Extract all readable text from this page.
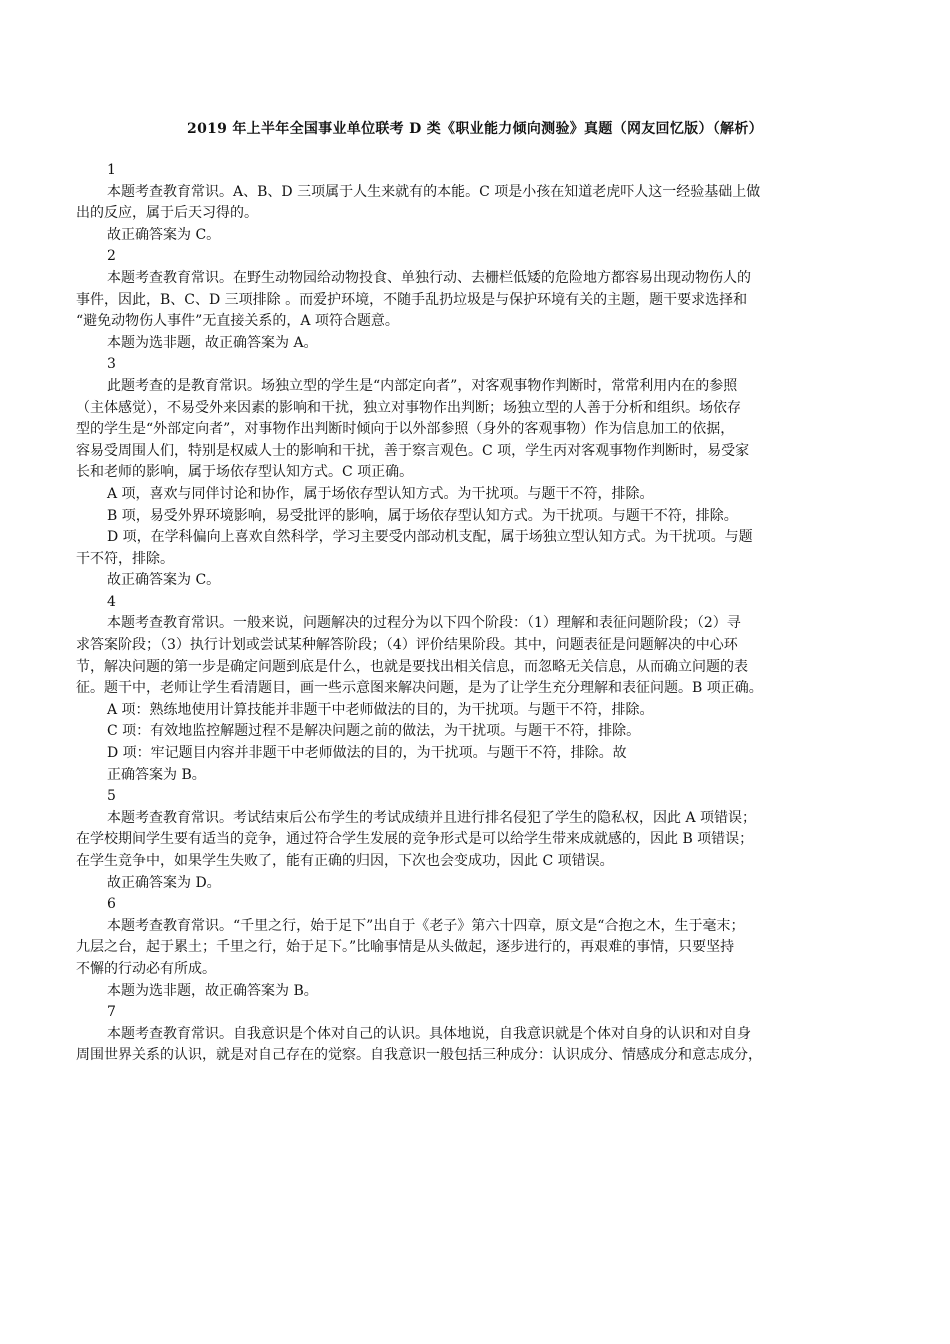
2019 年上半年全国事业单位联考 D 类《职业能力倾向测验》真题（网友回忆版）（解析）
1
本题考查教育常识。A、B、D 三项属于人生来就有的本能。C 项是小孩在知道老虎吓人这一经验基础上做
出的反应，属于后天习得的。
故正确答案为 C。
2
本题考查教育常识。在野生动物园给动物投食、单独行动、去栅栏低矮的危险地方都容易出现动物伤人的
事件，因此，B、C、D 三项排除 。而爱护环境，不随手乱扔垃圾是与保护环境有关的主题，题干要求选择和
“避免动物伤人事件”无直接关系的，A 项符合题意。
本题为选非题，故正确答案为 A。
3
此题考查的是教育常识。场独立型的学生是“内部定向者”，对客观事物作判断时，常常利用内在的参照
（主体感觉），不易受外来因素的影响和干扰，独立对事物作出判断；场独立型的人善于分析和组织。场依存
型的学生是“外部定向者”，对事物作出判断时倾向于以外部参照（身外的客观事物）作为信息加工的依据，
容易受周围人们，特别是权威人士的影响和干扰，善于察言观色。C 项，学生丙对客观事物作判断时，易受家
长和老师的影响，属于场依存型认知方式。C 项正确。
A 项，喜欢与同伴讨论和协作，属于场依存型认知方式。为干扰项。与题干不符，排除。
B 项，易受外界环境影响，易受批评的影响，属于场依存型认知方式。为干扰项。与题干不符，排除。
D 项，在学科偏向上喜欢自然科学，学习主要受内部动机支配，属于场独立型认知方式。为干扰项。与题
干不符，排除。
故正确答案为 C。
4
本题考查教育常识。一般来说，问题解决的过程分为以下四个阶段：（1）理解和表征问题阶段；（2）寻
求答案阶段；（3）执行计划或尝试某种解答阶段；（4）评价结果阶段。其中，问题表征是问题解决的中心环
节，解决问题的第一步是确定问题到底是什么，也就是要找出相关信息，而忽略无关信息，从而确立问题的表
征。题干中，老师让学生看清题目，画一些示意图来解决问题，是为了让学生充分理解和表征问题。B 项正确。
A 项：熟练地使用计算技能并非题干中老师做法的目的，为干扰项。与题干不符，排除。
C 项：有效地监控解题过程不是解决问题之前的做法，为干扰项。与题干不符，排除。
D 项：牢记题目内容并非题干中老师做法的目的，为干扰项。与题干不符，排除。故
正确答案为 B。
5
本题考查教育常识。考试结束后公布学生的考试成绩并且进行排名侵犯了学生的隐私权，因此 A 项错误；
在学校期间学生要有适当的竞争，通过符合学生发展的竞争形式是可以给学生带来成就感的，因此 B 项错误；
在学生竞争中，如果学生失败了，能有正确的归因，下次也会变成功，因此 C 项错误。
故正确答案为 D。
6
本题考查教育常识。“千里之行，始于足下”出自于《老子》第六十四章，原文是“合抱之木，生于毫末；
九层之台，起于累土；千里之行，始于足下。”比喻事情是从头做起，逐步进行的，再艰难的事情，只要坚持
不懈的行动必有所成。
本题为选非题，故正确答案为 B。
7
本题考查教育常识。自我意识是个体对自己的认识。具体地说，自我意识就是个体对自身的认识和对自身
周围世界关系的认识，就是对自己存在的觉察。自我意识一般包括三种成分：认识成分、情感成分和意志成分，
